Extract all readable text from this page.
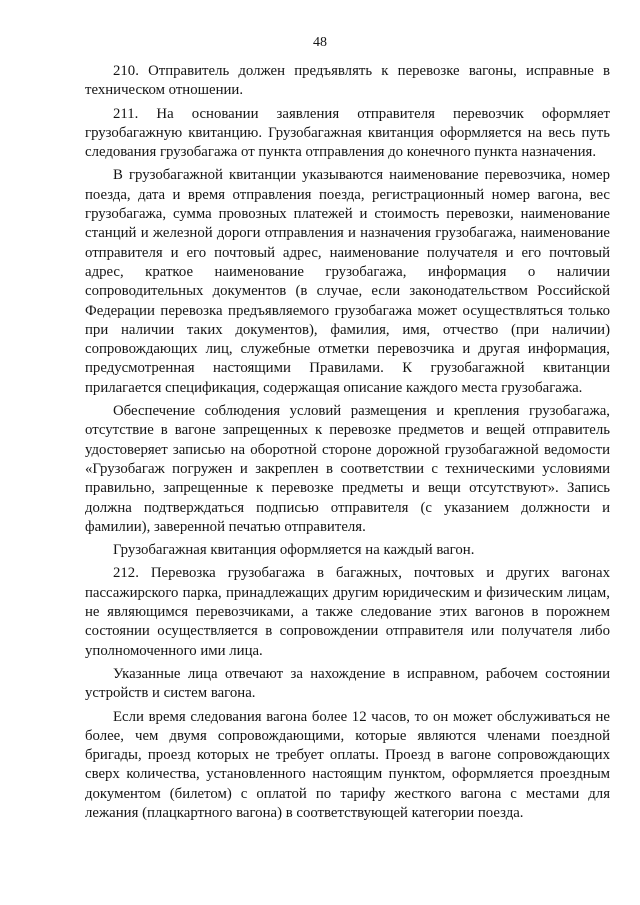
48

210. Отправитель должен предъявлять к перевозке вагоны, исправные в техническом отношении.

211. На основании заявления отправителя перевозчик оформляет грузобагажную квитанцию. Грузобагажная квитанция оформляется на весь путь следования грузобагажа от пункта отправления до конечного пункта назначения.

В грузобагажной квитанции указываются наименование перевозчика, номер поезда, дата и время отправления поезда, регистрационный номер вагона, вес грузобагажа, сумма провозных платежей и стоимость перевозки, наименование станций и железной дороги отправления и назначения грузобагажа, наименование отправителя и его почтовый адрес, наименование получателя и его почтовый адрес, краткое наименование грузобагажа, информация о наличии сопроводительных документов (в случае, если законодательством Российской Федерации перевозка предъявляемого грузобагажа может осуществляться только при наличии таких документов), фамилия, имя, отчество (при наличии) сопровождающих лиц, служебные отметки перевозчика и другая информация, предусмотренная настоящими Правилами. К грузобагажной квитанции прилагается спецификация, содержащая описание каждого места грузобагажа.

Обеспечение соблюдения условий размещения и крепления грузобагажа, отсутствие в вагоне запрещенных к перевозке предметов и вещей отправитель удостоверяет записью на оборотной стороне дорожной грузобагажной ведомости «Грузобагаж погружен и закреплен в соответствии с техническими условиями правильно, запрещенные к перевозке предметы и вещи отсутствуют». Запись должна подтверждаться подписью отправителя (с указанием должности и фамилии), заверенной печатью отправителя.

Грузобагажная квитанция оформляется на каждый вагон.

212. Перевозка грузобагажа в багажных, почтовых и других вагонах пассажирского парка, принадлежащих другим юридическим и физическим лицам, не являющимся перевозчиками, а также следование этих вагонов в порожнем состоянии осуществляется в сопровождении отправителя или получателя либо уполномоченного ими лица.

Указанные лица отвечают за нахождение в исправном, рабочем состоянии устройств и систем вагона.

Если время следования вагона более 12 часов, то он может обслуживаться не более, чем двумя сопровождающими, которые являются членами поездной бригады, проезд которых не требует оплаты. Проезд в вагоне сопровождающих сверх количества, установленного настоящим пунктом, оформляется проездным документом (билетом) с оплатой по тарифу жесткого вагона с местами для лежания (плацкартного вагона) в соответствующей категории поезда.
